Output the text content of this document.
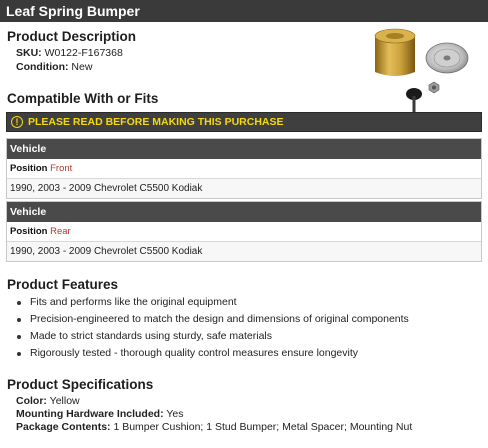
Leaf Spring Bumper
Product Description
SKU: W0122-F167368
Condition: New
Compatible With or Fits
! PLEASE READ BEFORE MAKING THIS PURCHASE
Vehicle
Position Front
1990, 2003 - 2009 Chevrolet C5500 Kodiak
Vehicle
Position Rear
1990, 2003 - 2009 Chevrolet C5500 Kodiak
Product Features
Fits and performs like the original equipment
Precision-engineered to match the design and dimensions of original components
Made to strict standards using sturdy, safe materials
Rigorously tested - thorough quality control measures ensure longevity
Product Specifications
Color: Yellow
Mounting Hardware Included: Yes
Package Contents: 1 Bumper Cushion; 1 Stud Bumper; Metal Spacer; Mounting Nut
